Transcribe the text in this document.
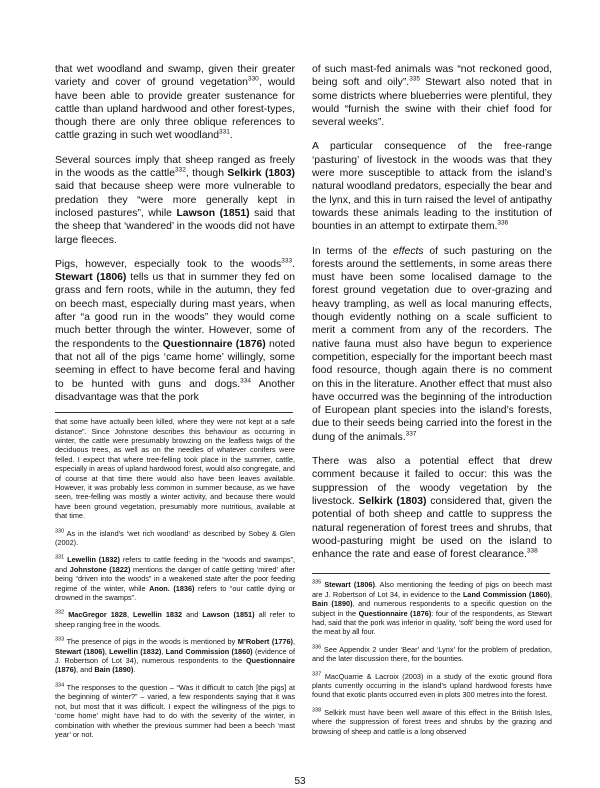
that wet woodland and swamp, given their greater variety and cover of ground vegetation$^{330}$, would have been able to provide greater sustenance for cattle than upland hardwood and other forest-types, though there are only three oblique references to cattle grazing in such wet woodland$^{331}$.
Several sources imply that sheep ranged as freely in the woods as the cattle$^{332}$, though Selkirk (1803) said that because sheep were more vulnerable to predation they “were more generally kept in inclosed pastures”, while Lawson (1851) said that the sheep that ‘wandered’ in the woods did not have large fleeces.
Pigs, however, especially took to the woods$^{333}$. Stewart (1806) tells us that in summer they fed on grass and fern roots, while in the autumn, they fed on beech mast, especially during mast years, when after “a good run in the woods” they would come much better through the winter. However, some of the respondents to the Questionnaire (1876) noted that not all of the pigs ‘came home’ willingly, some seeming in effect to have become feral and having to be hunted with guns and dogs.$^{334}$ Another disadvantage was that the pork
that some have actually been killed, where they were not kept at a safe distance”. Since Johnstone describes this behaviour as occurring in winter, the cattle were presumably browzing on the leafless twigs of the deciduous trees, as well as on the needles of whatever conifers were felled. I expect that where tree-felling took place in the summer, cattle, especially in areas of upland hardwood forest, would also congregate, and of course at that time there would also have been leaves available. However, it was probably less common in summer because, as we have seen, tree-felling was mostly a winter activity, and because there would have been ground vegetation, presumably more nutritious, available at that time.
$^{330}$ As in the island’s ‘wet rich woodland’ as described by Sobey & Glen (2002).
$^{331}$ Lewellin (1832) refers to cattle feeding in the “woods and swamps”, and Johnstone (1822) mentions the danger of cattle getting ‘mired’ after being “driven into the woods” in a weakened state after the poor feeding regime of the winter, while Anon. (1836) refers to “our cattle dying or drowned in the swamps”.
$^{332}$ MacGregor 1828, Lewellin 1832 and Lawson (1851) all refer to sheep ranging free in the woods.
$^{333}$ The presence of pigs in the woods is mentioned by M’Robert (1776), Stewart (1806), Lewellin (1832), Land Commission (1860) (evidence of J. Robertson of Lot 34), numerous respondents to the Questionnaire (1876), and Bain (1890).
$^{334}$ The responses to the question – “Was it difficult to catch [the pigs] at the beginning of winter?” – varied, a few respondents saying that it was not, but most that it was difficult. I expect the willingness of the pigs to ‘come home’ might have had to do with the severity of the winter, in combination with whether the previous summer had been a beech ‘mast year’ or not.
of such mast-fed animals was “not reckoned good, being soft and oily”.$^{335}$ Stewart also noted that in some districts where blueberries were plentiful, they would “furnish the swine with their chief food for several weeks”.
A particular consequence of the free-range ‘pasturing’ of livestock in the woods was that they were more susceptible to attack from the island’s natural woodland predators, especially the bear and the lynx, and this in turn raised the level of antipathy towards these animals leading to the institution of bounties in an attempt to extirpate them.$^{336}$
In terms of the effects of such pasturing on the forests around the settlements, in some areas there must have been some localised damage to the forest ground vegetation due to over-grazing and heavy trampling, as well as local manuring effects, though evidently nothing on a scale sufficient to merit a comment from any of the recorders. The native fauna must also have begun to experience competition, especially for the important beech mast food resource, though again there is no comment on this in the literature. Another effect that must also have occurred was the beginning of the introduction of European plant species into the island’s forests, due to their seeds being carried into the forest in the dung of the animals.$^{337}$
There was also a potential effect that drew comment because it failed to occur: this was the suppression of the woody vegetation by the livestock. Selkirk (1803) considered that, given the potential of both sheep and cattle to suppress the natural regeneration of forest trees and shrubs, that wood-pasturing might be used on the island to enhance the rate and ease of forest clearance.$^{338}$
$^{335}$ Stewart (1806). Also mentioning the feeding of pigs on beech mast are J. Robertson of Lot 34, in evidence to the Land Commission (1860), Bain (1890), and numerous respondents to a specific question on the subject in the Questionnaire (1876): four of the respondents, as Stewart had, said that the pork was inferior in quality, ‘soft’ being the word used for the meat by all four.
$^{336}$ See Appendix 2 under ‘Bear’ and ‘Lynx’ for the problem of predation, and the later discussion there, for the bounties.
$^{337}$ MacQuarrie & Lacroix (2003) in a study of the exotic ground flora plants currently occurring in the island’s upland hardwood forests have found that exotic plants occurred even in plots 300 metres into the forest.
$^{338}$ Selkirk must have been well aware of this effect in the British Isles, where the suppression of forest trees and shrubs by the grazing and browsing of sheep and cattle is a long observed
53
